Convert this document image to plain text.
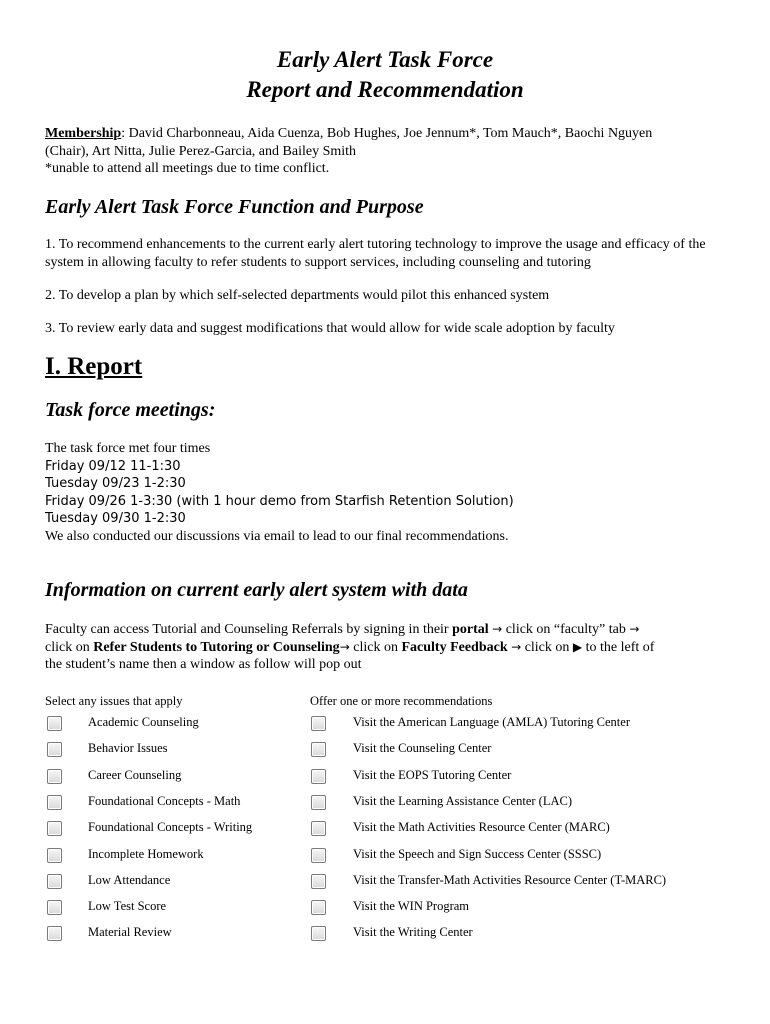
Early Alert Task Force
Report and Recommendation
Membership: David Charbonneau, Aida Cuenza, Bob Hughes, Joe Jennum*, Tom Mauch*, Baochi Nguyen
(Chair), Art Nitta, Julie Perez-Garcia, and Bailey Smith
*unable to attend all meetings due to time conflict.
Early Alert Task Force Function and Purpose
1. To recommend enhancements to the current early alert tutoring technology to improve the usage and efficacy of the system in allowing faculty to refer students to support services, including counseling and tutoring
2. To develop a plan by which self-selected departments would pilot this enhanced system
3. To review early data and suggest modifications that would allow for wide scale adoption by faculty
I. Report
Task force meetings:
The task force met four times
Friday 09/12 11-1:30
Tuesday 09/23 1-2:30
Friday 09/26 1-3:30 (with 1 hour demo from Starfish Retention Solution)
Tuesday 09/30 1-2:30
We also conducted our discussions via email to lead to our final recommendations.
Information on current early alert system with data
Faculty can access Tutorial and Counseling Referrals by signing in their portal → click on “faculty” tab →
click on Refer Students to Tutoring or Counseling→ click on Faculty Feedback → click on ▶ to the left of
the student’s name then a window as follow will pop out
Select any issues that apply	Offer one or more recommendations
Academic Counseling
Behavior Issues
Career Counseling
Foundational Concepts - Math
Foundational Concepts - Writing
Incomplete Homework
Low Attendance
Low Test Score
Material Review
Visit the American Language (AMLA) Tutoring Center
Visit the Counseling Center
Visit the EOPS Tutoring Center
Visit the Learning Assistance Center (LAC)
Visit the Math Activities Resource Center (MARC)
Visit the Speech and Sign Success Center (SSSC)
Visit the Transfer-Math Activities Resource Center (T-MARC)
Visit the WIN Program
Visit the Writing Center
